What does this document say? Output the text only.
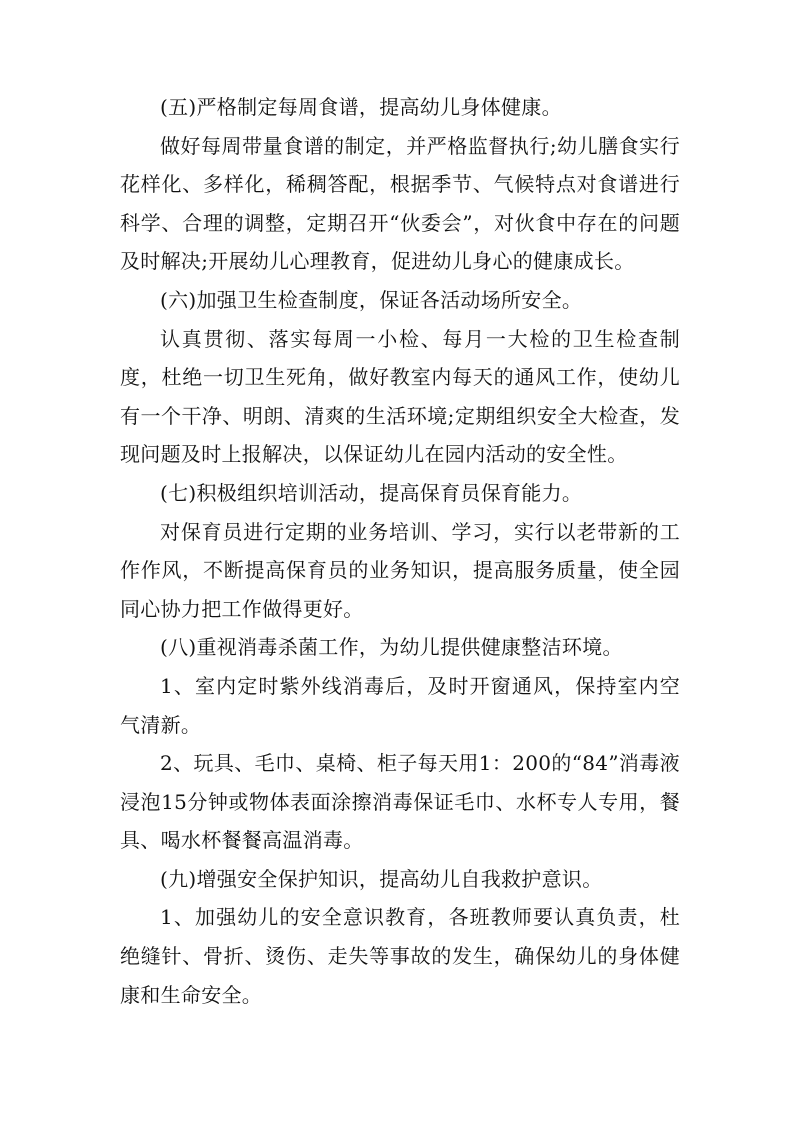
(五)严格制定每周食谱，提高幼儿身体健康。

做好每周带量食谱的制定，并严格监督执行;幼儿膳食实行花样化、多样化，稀稠答配，根据季节、气候特点对食谱进行科学、合理的调整，定期召开“伙委会”，对伙食中存在的问题及时解决;开展幼儿心理教育，促进幼儿身心的健康成长。

(六)加强卫生检查制度，保证各活动场所安全。

认真贯彻、落实每周一小检、每月一大检的卫生检查制度，杜绝一切卫生死角，做好教室内每天的通风工作，使幼儿有一个干净、明朗、清爽的生活环境;定期组织安全大检查，发现问题及时上报解决，以保证幼儿在园内活动的安全性。

(七)积极组织培训活动，提高保育员保育能力。

对保育员进行定期的业务培训、学习，实行以老带新的工作作风，不断提高保育员的业务知识，提高服务质量，使全园同心协力把工作做得更好。

(八)重视消毒杀菌工作，为幼儿提供健康整洁环境。

1、室内定时紫外线消毒后，及时开窗通风，保持室内空气清新。

2、玩具、毛巾、桌椅、柜子每天用1：200的“84”消毒液浸泡15分钟或物体表面涂擦消毒保证毛巾、水杯专人专用，餐具、喝水杯餐餐高温消毒。

(九)增强安全保护知识，提高幼儿自我救护意识。

1、加强幼儿的安全意识教育，各班教师要认真负责，杜绝缝针、骨折、烫伤、走失等事故的发生，确保幼儿的身体健康和生命安全。
